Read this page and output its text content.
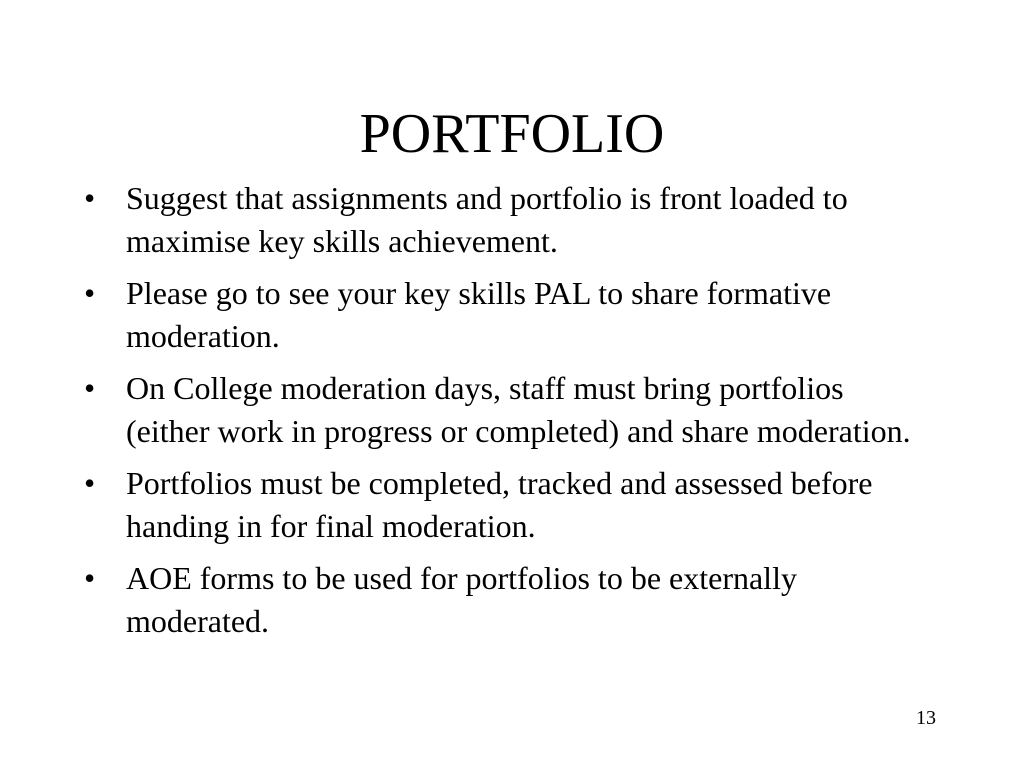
PORTFOLIO
• Suggest that assignments and portfolio is front loaded to maximise key skills achievement.
• Please go to see your key skills PAL to share formative moderation.
• On College moderation days, staff must bring portfolios (either work in progress or completed) and share moderation.
• Portfolios must be completed, tracked and assessed before handing in for final moderation.
• AOE forms to be used for portfolios to be externally moderated.
13
